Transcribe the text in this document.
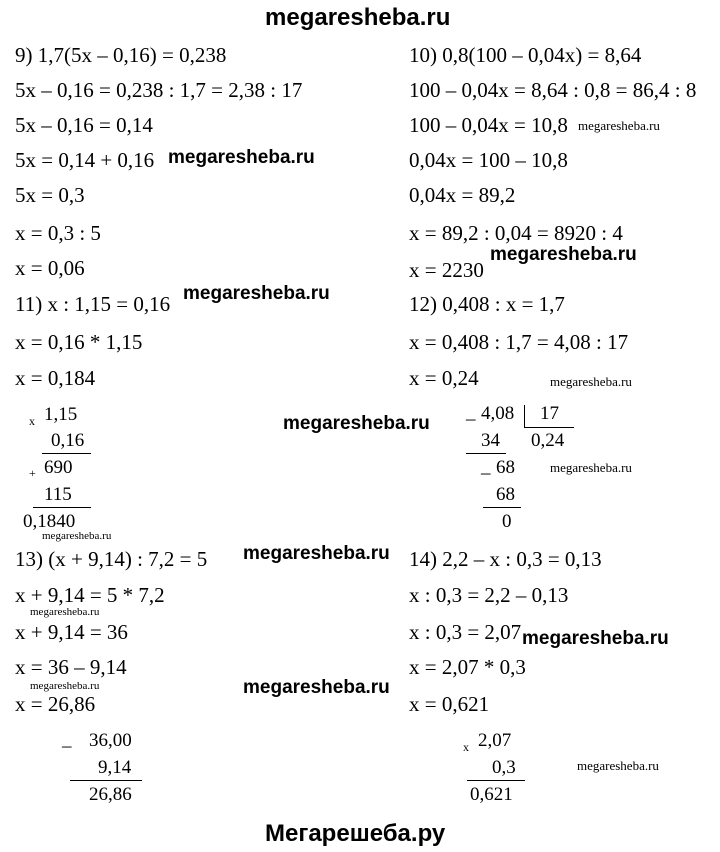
megaresheba.ru
9) 1,7(5x – 0,16) = 0,238
5x – 0,16 = 0,238 : 1,7 = 2,38 : 17
5x – 0,16 = 0,14
5x = 0,14 + 0,16
5x = 0,3
x = 0,3 : 5
x = 0,06
10) 0,8(100 – 0,04x) = 8,64
100 – 0,04x = 8,64 : 0,8 = 86,4 : 8
100 – 0,04x = 10,8
0,04x = 100 – 10,8
0,04x = 89,2
x = 89,2 : 0,04 = 8920 : 4
x = 2230
11) x : 1,15 = 0,16
x = 0,16 * 1,15
x = 0,184
x 1,15
0,16
+ 690
115
0,1840
12) 0,408 : x = 1,7
x = 0,408 : 1,7 = 4,08 : 17
x = 0,24
_ 4,08 17
0,24
34
_ 68
68
0
13) (x + 9,14) : 7,2 = 5
x + 9,14 = 5 * 7,2
x + 9,14 = 36
x = 36 – 9,14
x = 26,86
_ 36,00
9,14
26,86
14) 2,2 – x : 0,3 = 0,13
x : 0,3 = 2,2 – 0,13
x : 0,3 = 2,07
x = 2,07 * 0,3
x = 0,621
x 2,07
0,3
0,621
megaresheba.ru
megaresheba.ru
megaresheba.ru
megaresheba.ru
megaresheba.ru
megaresheba.ru
megaresheba.ru
megaresheba.ru
megaresheba.ru
megaresheba.ru
megaresheba.ru
megaresheba.ru	megaresheba.ru
megaresheba.ru
Мегарешеба.ру
